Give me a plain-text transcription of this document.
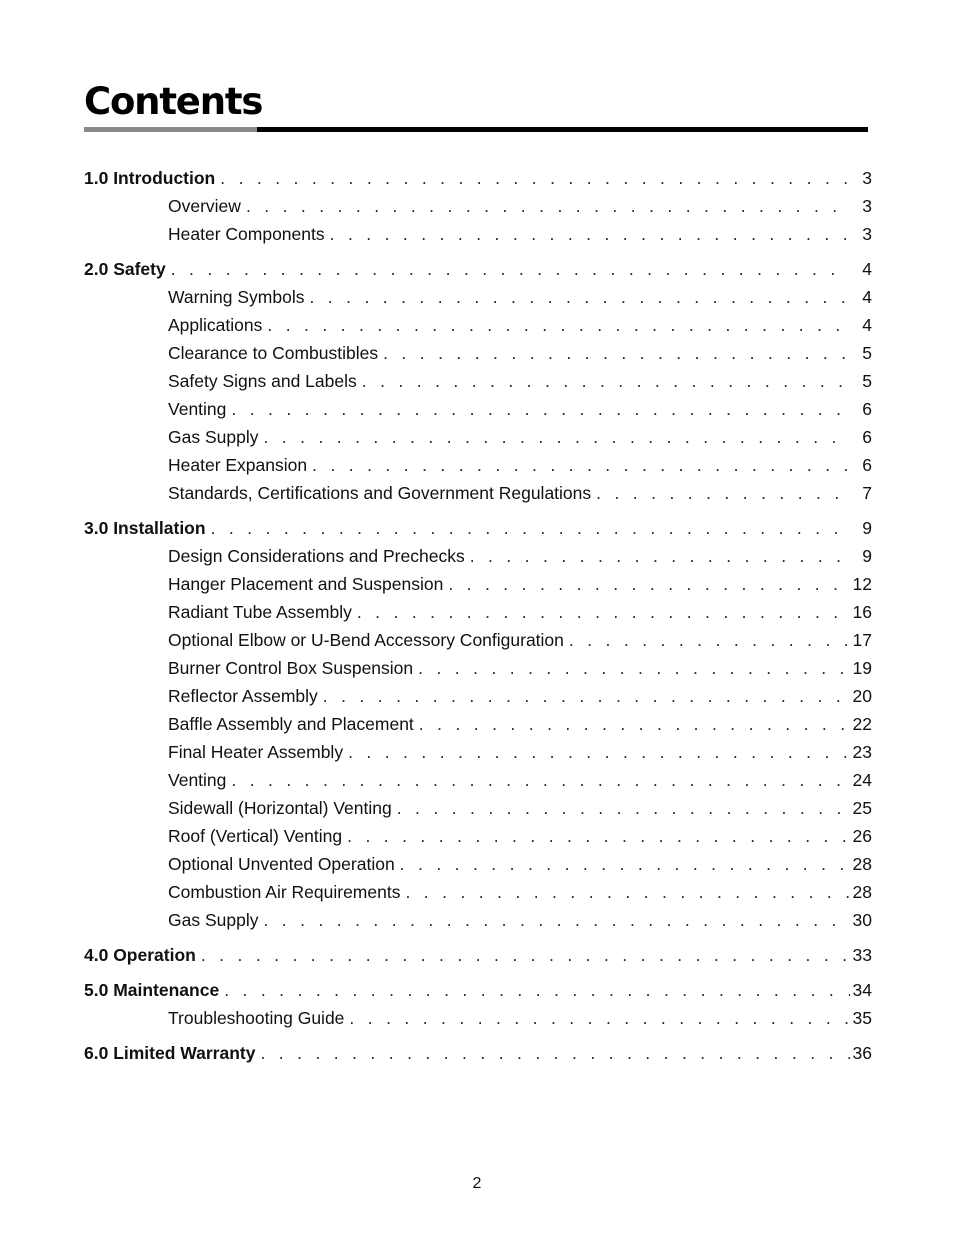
Contents
1.0 Introduction . . .	3
Overview . . .	3
Heater Components . . .	3
2.0 Safety . . .	4
Warning Symbols . . .	4
Applications . . .	4
Clearance to Combustibles . . .	5
Safety Signs and Labels . . .	5
Venting . . .	6
Gas Supply . . .	6
Heater Expansion . . .	6
Standards, Certifications and Government Regulations . . .	7
3.0 Installation . . .	9
Design Considerations and Prechecks . . .	9
Hanger Placement and Suspension . . .	12
Radiant Tube Assembly . . .	16
Optional Elbow or U-Bend Accessory Configuration . . .	17
Burner Control Box Suspension . . .	19
Reflector Assembly . . .	20
Baffle Assembly and Placement . . .	22
Final Heater Assembly . . .	23
Venting . . .	24
Sidewall (Horizontal) Venting . . .	25
Roof (Vertical) Venting . . .	26
Optional Unvented Operation . . .	28
Combustion Air Requirements . . .	28
Gas Supply . . .	30
4.0 Operation . . .	33
5.0 Maintenance . . .	34
Troubleshooting Guide . . .	35
6.0 Limited Warranty . . .	36
2
